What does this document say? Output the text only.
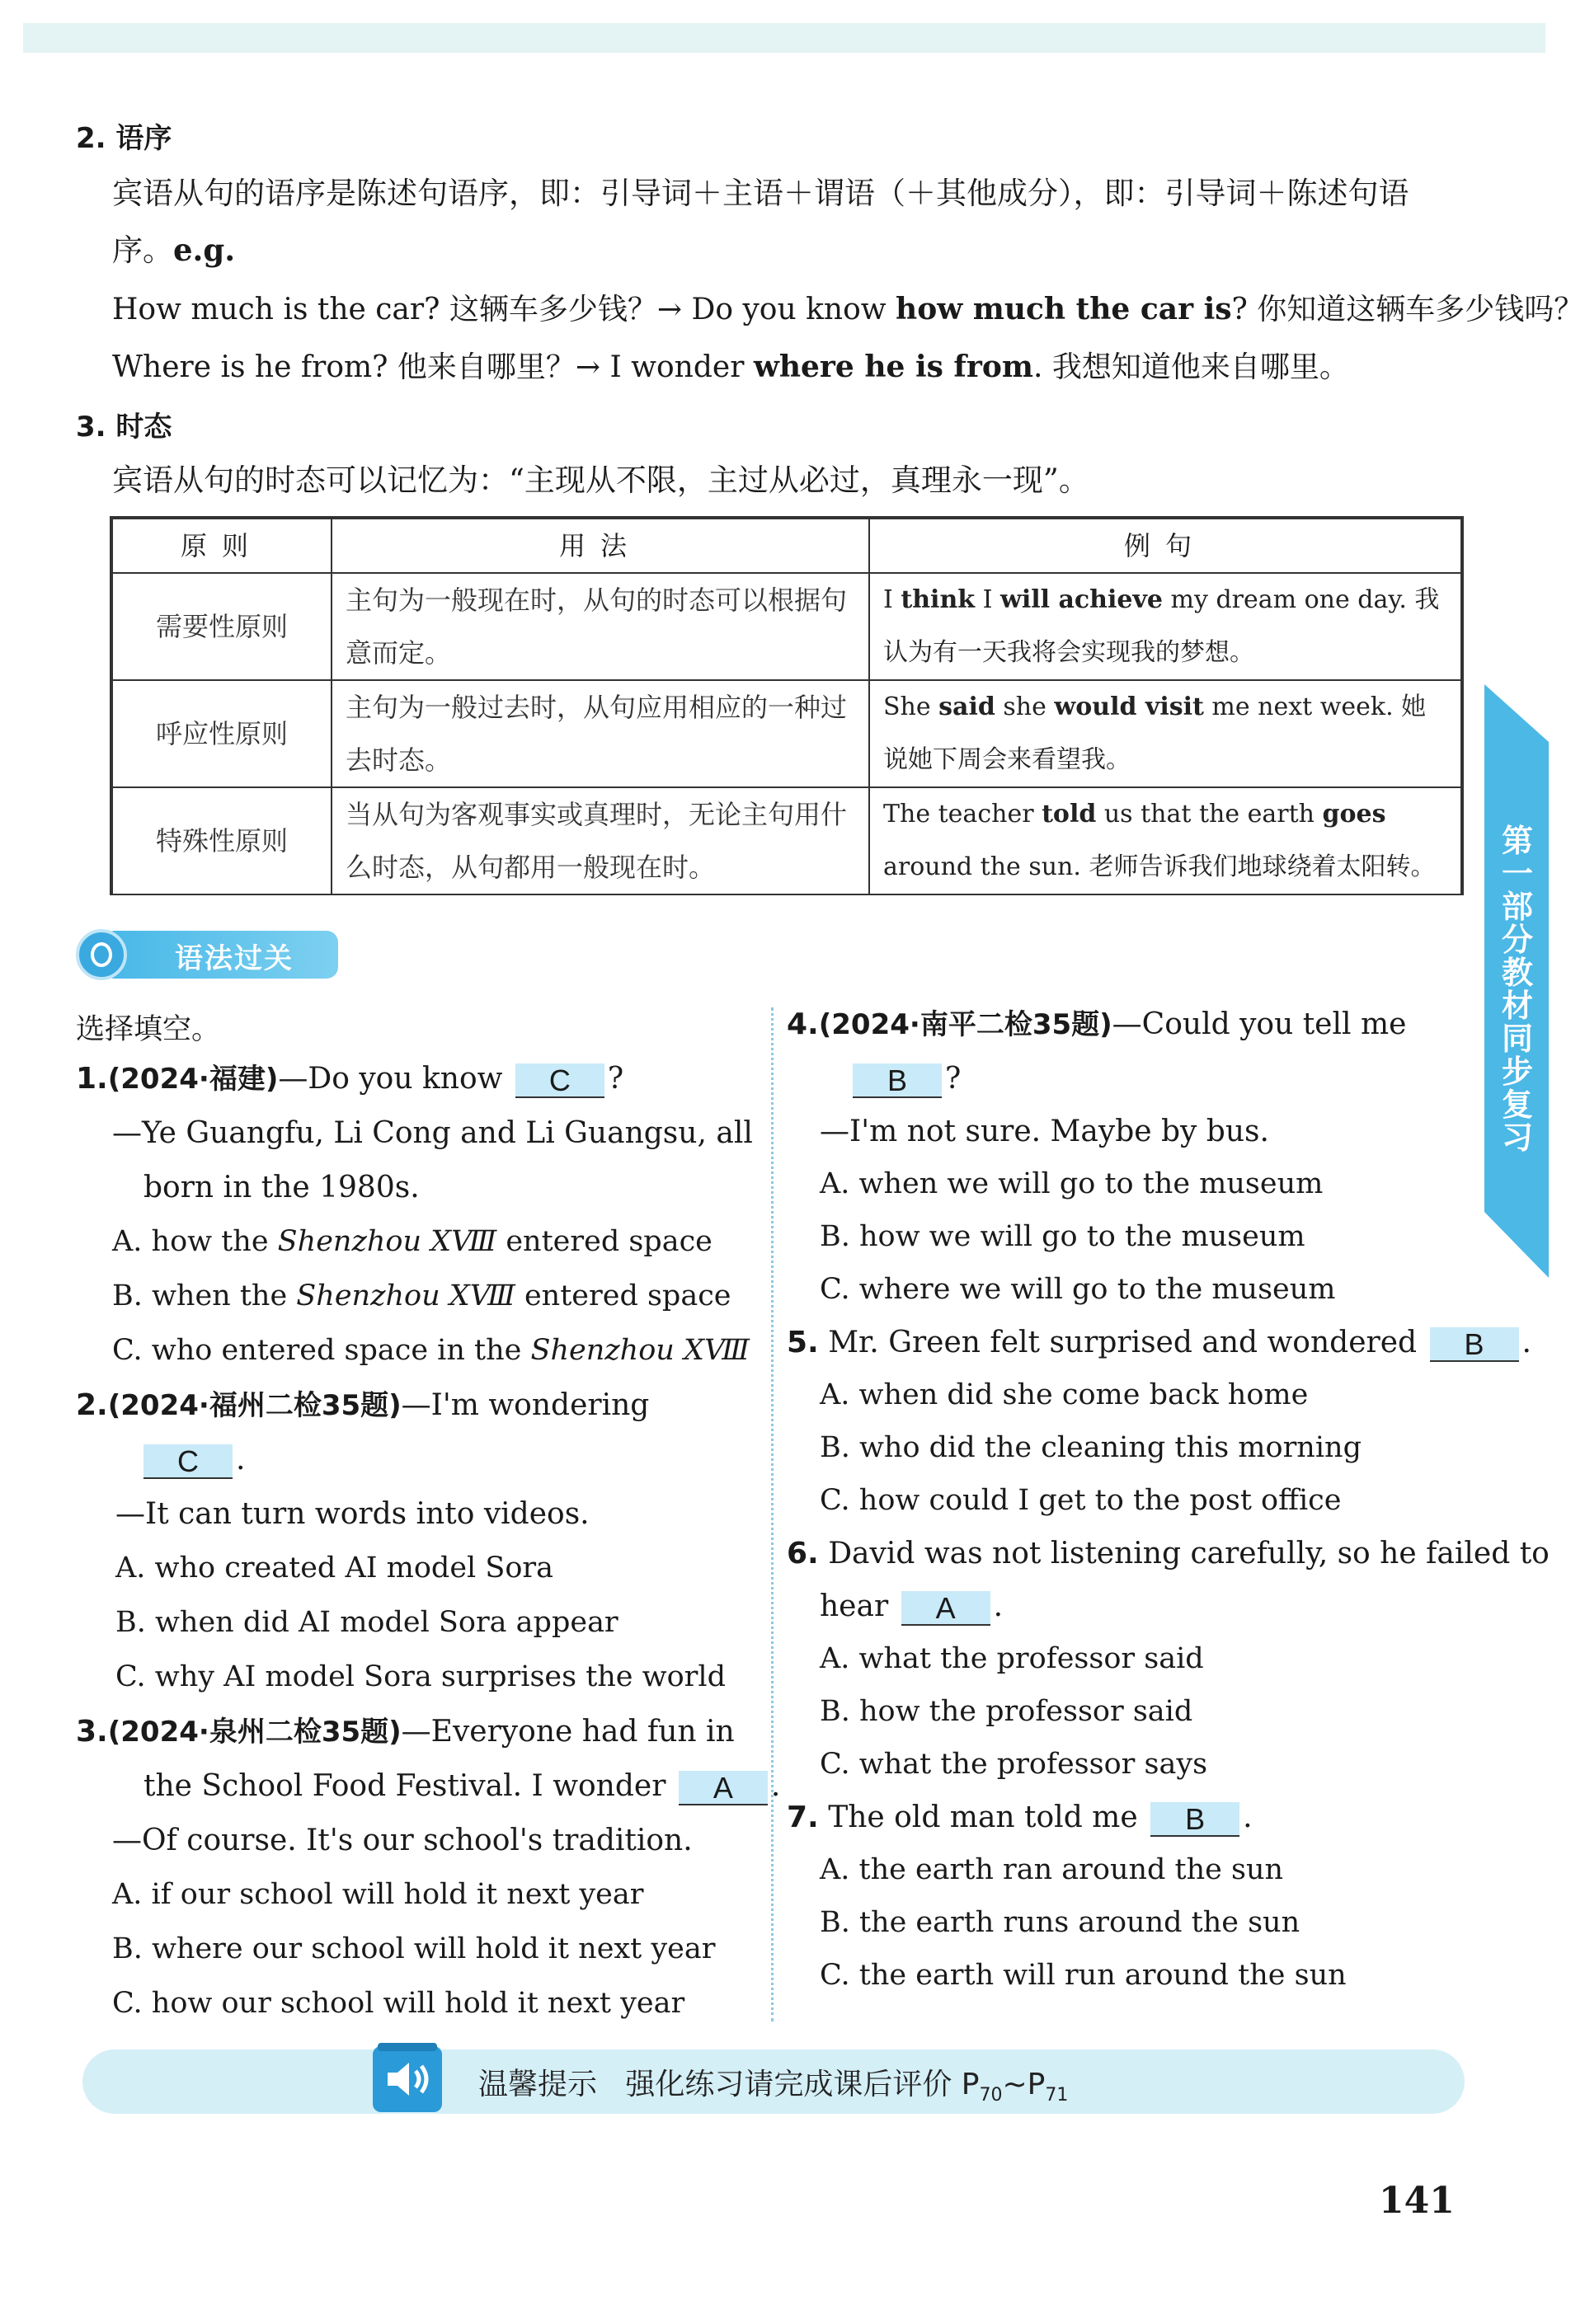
2. 语序
宾语从句的语序是陈述句语序，即：引导词＋主语＋谓语（＋其他成分），即：引导词＋陈述句语
序。e.g.
How much is the car? 这辆车多少钱？→ Do you know how much the car is? 你知道这辆车多少钱吗？
Where is he from? 他来自哪里？→ I wonder where he is from. 我想知道他来自哪里。
3. 时态
宾语从句的时态可以记忆为：“主现从不限，主过从必过，真理永一现”。
原则	用法	例句
需要性原则	主句为一般现在时，从句的时态可以根据句意而定。	I think I will achieve my dream one day. 我认为有一天我将会实现我的梦想。
呼应性原则	主句为一般过去时，从句应用相应的一种过去时态。	She said she would visit me next week. 她说她下周会来看望我。
特殊性原则	当从句为客观事实或真理时，无论主句用什么时态，从句都用一般现在时。	The teacher told us that the earth goes around the sun. 老师告诉我们地球绕着太阳转。
语法过关
第一部分 教材同步复习
选择填空。
1.(2024·福建)—Do you know C ?
—Ye Guangfu, Li Cong and Li Guangsu, all
born in the 1980s.
A. how the Shenzhou XⅧ entered space
B. when the Shenzhou XⅧ entered space
C. who entered space in the Shenzhou XⅧ
2.(2024·福州二检35题)—I'm wondering
C .
—It can turn words into videos.
A. who created AI model Sora
B. when did AI model Sora appear
C. why AI model Sora surprises the world
3.(2024·泉州二检35题)—Everyone had fun in
the School Food Festival. I wonder A .
—Of course. It's our school's tradition.
A. if our school will hold it next year
B. where our school will hold it next year
C. how our school will hold it next year
4.(2024·南平二检35题)—Could you tell me
B ?
—I'm not sure. Maybe by bus.
A. when we will go to the museum
B. how we will go to the museum
C. where we will go to the museum
5. Mr. Green felt surprised and wondered B .
A. when did she come back home
B. who did the cleaning this morning
C. how could I get to the post office
6. David was not listening carefully, so he failed to
hear A .
A. what the professor said
B. how the professor said
C. what the professor says
7. The old man told me B .
A. the earth ran around the sun
B. the earth runs around the sun
C. the earth will run around the sun
温馨提示 强化练习请完成课后评价 $P_{70}\sim P_{71}$
141
